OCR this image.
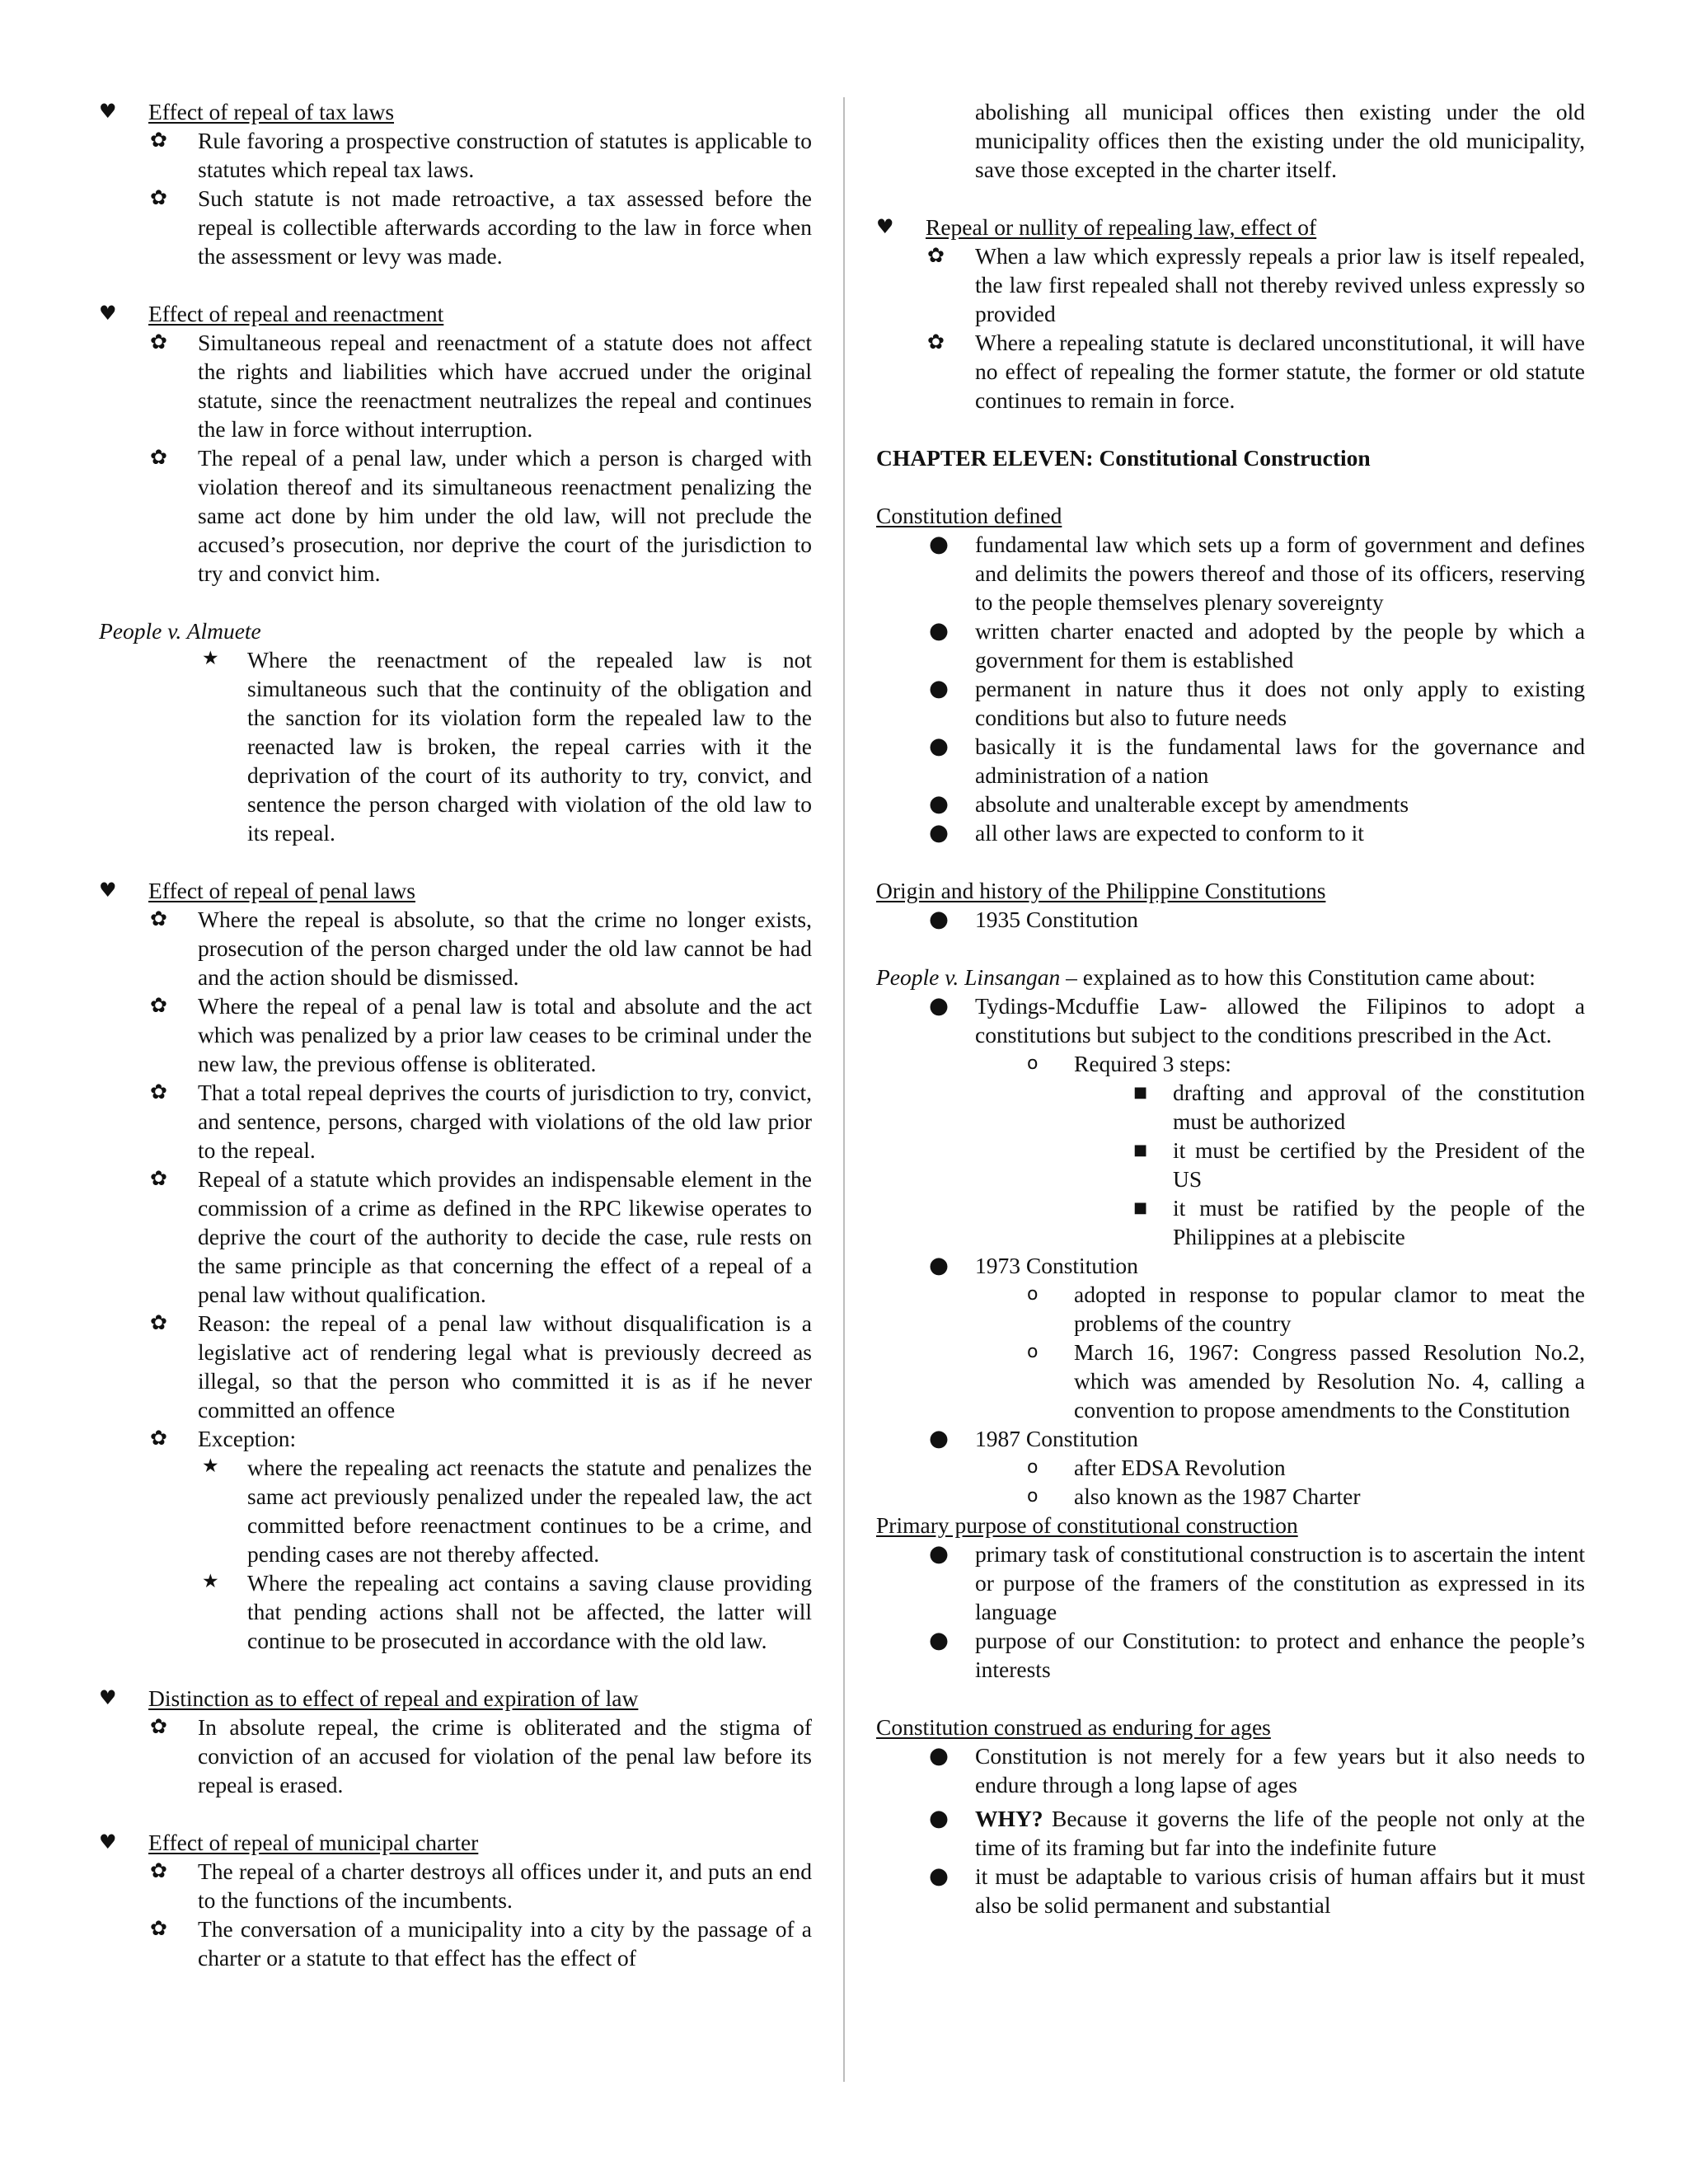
♥ Effect of repeal of tax laws

✿ Rule favoring a prospective construction of statutes is applicable to statutes which repeal tax laws.

✿ Such statute is not made retroactive, a tax assessed before the repeal is collectible afterwards according to the law in force when the assessment or levy was made.

♥ Effect of repeal and reenactment

✿ Simultaneous repeal and reenactment of a statute does not affect the rights and liabilities which have accrued under the original statute, since the reenactment neutralizes the repeal and continues the law in force without interruption.

✿ The repeal of a penal law, under which a person is charged with violation thereof and its simultaneous reenactment penalizing the same act done by him under the old law, will not preclude the accused’s prosecution, nor deprive the court of the jurisdiction to try and convict him.

People v. Almuete

★ Where the reenactment of the repealed law is not simultaneous such that the continuity of the obligation and the sanction for its violation form the repealed law to the reenacted law is broken, the repeal carries with it the deprivation of the court of its authority to try, convict, and sentence the person charged with violation of the old law to its repeal.

♥ Effect of repeal of penal laws

✿ Where the repeal is absolute, so that the crime no longer exists, prosecution of the person charged under the old law cannot be had and the action should be dismissed.

✿ Where the repeal of a penal law is total and absolute and the act which was penalized by a prior law ceases to be criminal under the new law, the previous offense is obliterated.

✿ That a total repeal deprives the courts of jurisdiction to try, convict, and sentence, persons, charged with violations of the old law prior to the repeal.

✿ Repeal of a statute which provides an indispensable element in the commission of a crime as defined in the RPC likewise operates to deprive the court of the authority to decide the case, rule rests on the same principle as that concerning the effect of a repeal of a penal law without qualification.

✿ Reason: the repeal of a penal law without disqualification is a legislative act of rendering legal what is previously decreed as illegal, so that the person who committed it is as if he never committed an offence

✿ Exception:

★ where the repealing act reenacts the statute and penalizes the same act previously penalized under the repealed law, the act committed before reenactment continues to be a crime, and pending cases are not thereby affected.

★ Where the repealing act contains a saving clause providing that pending actions shall not be affected, the latter will continue to be prosecuted in accordance with the old law.

♥ Distinction as to effect of repeal and expiration of law

✿ In absolute repeal, the crime is obliterated and the stigma of conviction of an accused for violation of the penal law before its repeal is erased.

♥ Effect of repeal of municipal charter

✿ The repeal of a charter destroys all offices under it, and puts an end to the functions of the incumbents.

✿ The conversation of a municipality into a city by the passage of a charter or a statute to that effect has the effect of

abolishing all municipal offices then existing under the old municipality offices then the existing under the old municipality, save those excepted in the charter itself.

♥ Repeal or nullity of repealing law, effect of

✿ When a law which expressly repeals a prior law is itself repealed, the law first repealed shall not thereby revived unless expressly so provided

✿ Where a repealing statute is declared unconstitutional, it will have no effect of repealing the former statute, the former or old statute continues to remain in force.

CHAPTER ELEVEN: Constitutional Construction

Constitution defined

● fundamental law which sets up a form of government and defines and delimits the powers thereof and those of its officers, reserving to the people themselves plenary sovereignty

● written charter enacted and adopted by the people by which a government for them is established

● permanent in nature thus it does not only apply to existing conditions but also to future needs

● basically it is the fundamental laws for the governance and administration of a nation

● absolute and unalterable except by amendments

● all other laws are expected to conform to it

Origin and history of the Philippine Constitutions

● 1935 Constitution

People v. Linsangan – explained as to how this Constitution came about:

● Tydings-Mcduffie Law- allowed the Filipinos to adopt a constitutions but subject to the conditions prescribed in the Act.

o Required 3 steps:

■ drafting and approval of the constitution must be authorized

■ it must be certified by the President of the US

■ it must be ratified by the people of the Philippines at a plebiscite

● 1973 Constitution

o adopted in response to popular clamor to meat the problems of the country

o March 16, 1967: Congress passed Resolution No.2, which was amended by Resolution No. 4, calling a convention to propose amendments to the Constitution

● 1987 Constitution

o after EDSA Revolution

o also known as the 1987 Charter

Primary purpose of constitutional construction

● primary task of constitutional construction is to ascertain the intent or purpose of the framers of the constitution as expressed in its language

● purpose of our Constitution: to protect and enhance the people’s interests

Constitution construed as enduring for ages

● Constitution is not merely for a few years but it also needs to endure through a long lapse of ages

● WHY? Because it governs the life of the people not only at the time of its framing but far into the indefinite future

● it must be adaptable to various crisis of human affairs but it must also be solid permanent and substantial
